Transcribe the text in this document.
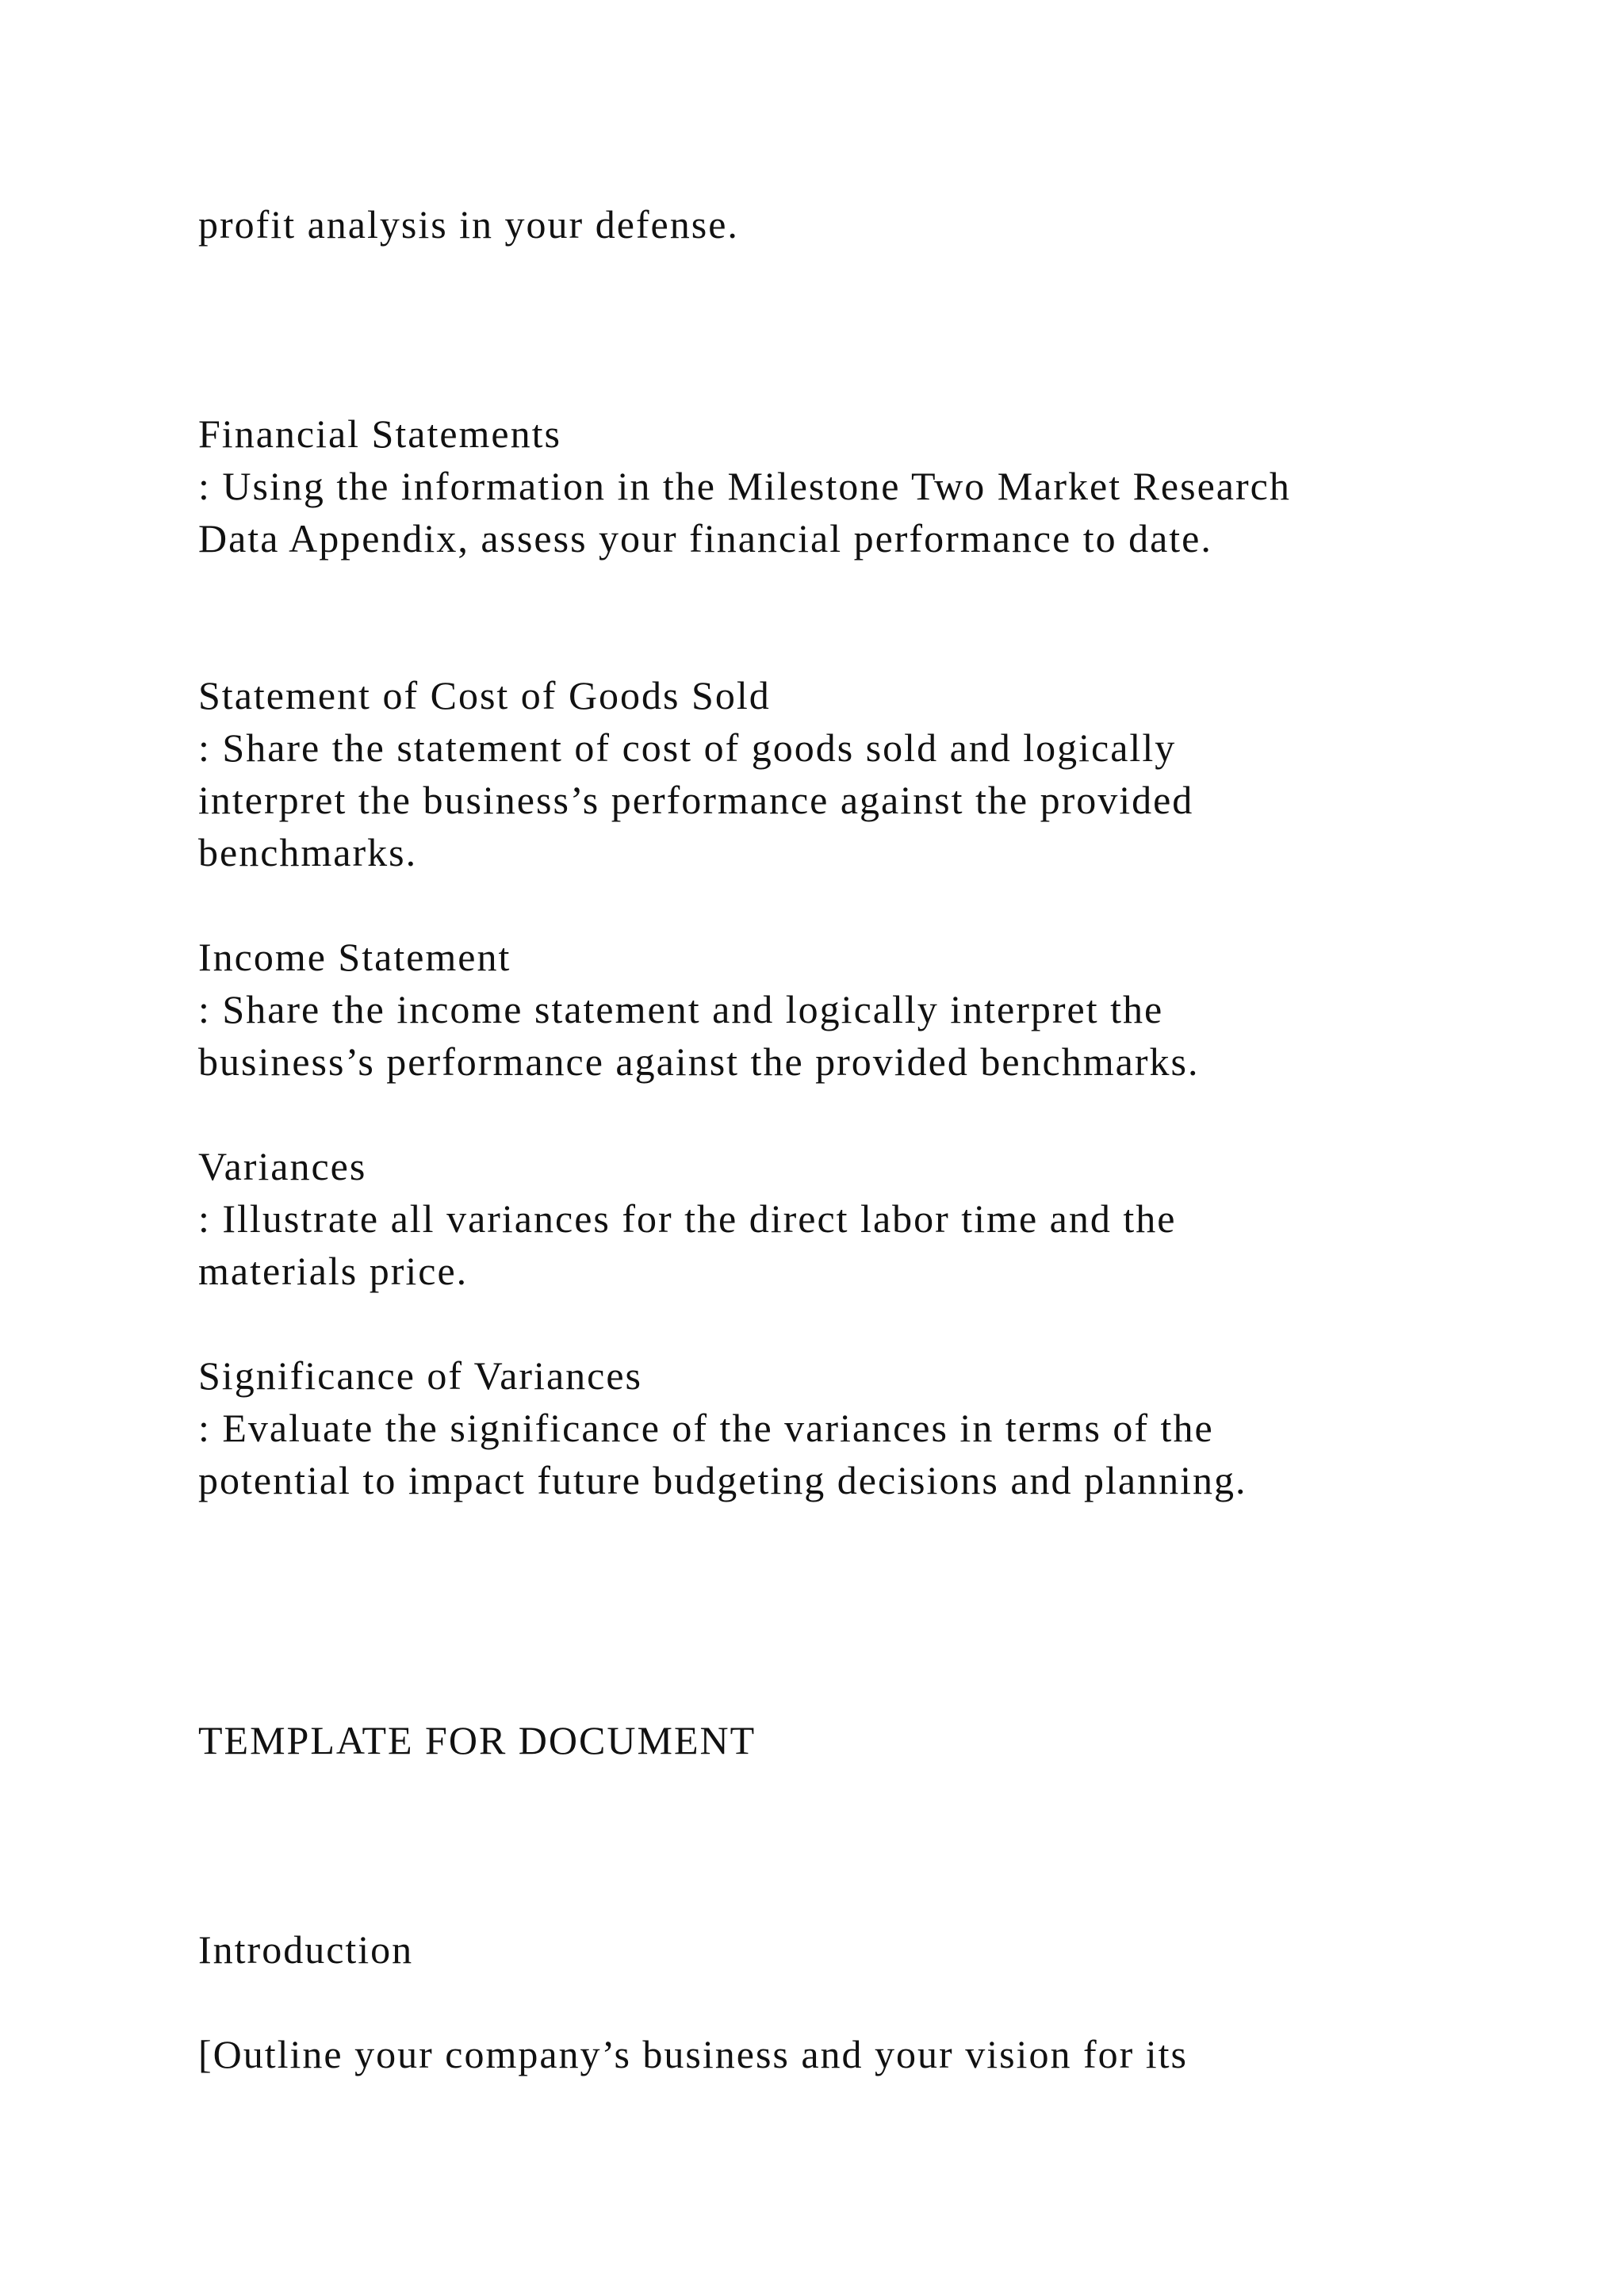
profit analysis in your defense.
Financial Statements
: Using the information in the Milestone Two Market Research
Data Appendix, assess your financial performance to date.
Statement of Cost of Goods Sold
: Share the statement of cost of goods sold and logically
interpret the business’s performance against the provided
benchmarks.
Income Statement
: Share the income statement and logically interpret the
business’s performance against the provided benchmarks.
Variances
: Illustrate all variances for the direct labor time and the
materials price.
Significance of Variances
: Evaluate the significance of the variances in terms of the
potential to impact future budgeting decisions and planning.
TEMPLATE FOR DOCUMENT
Introduction
[Outline your company’s business and your vision for its
